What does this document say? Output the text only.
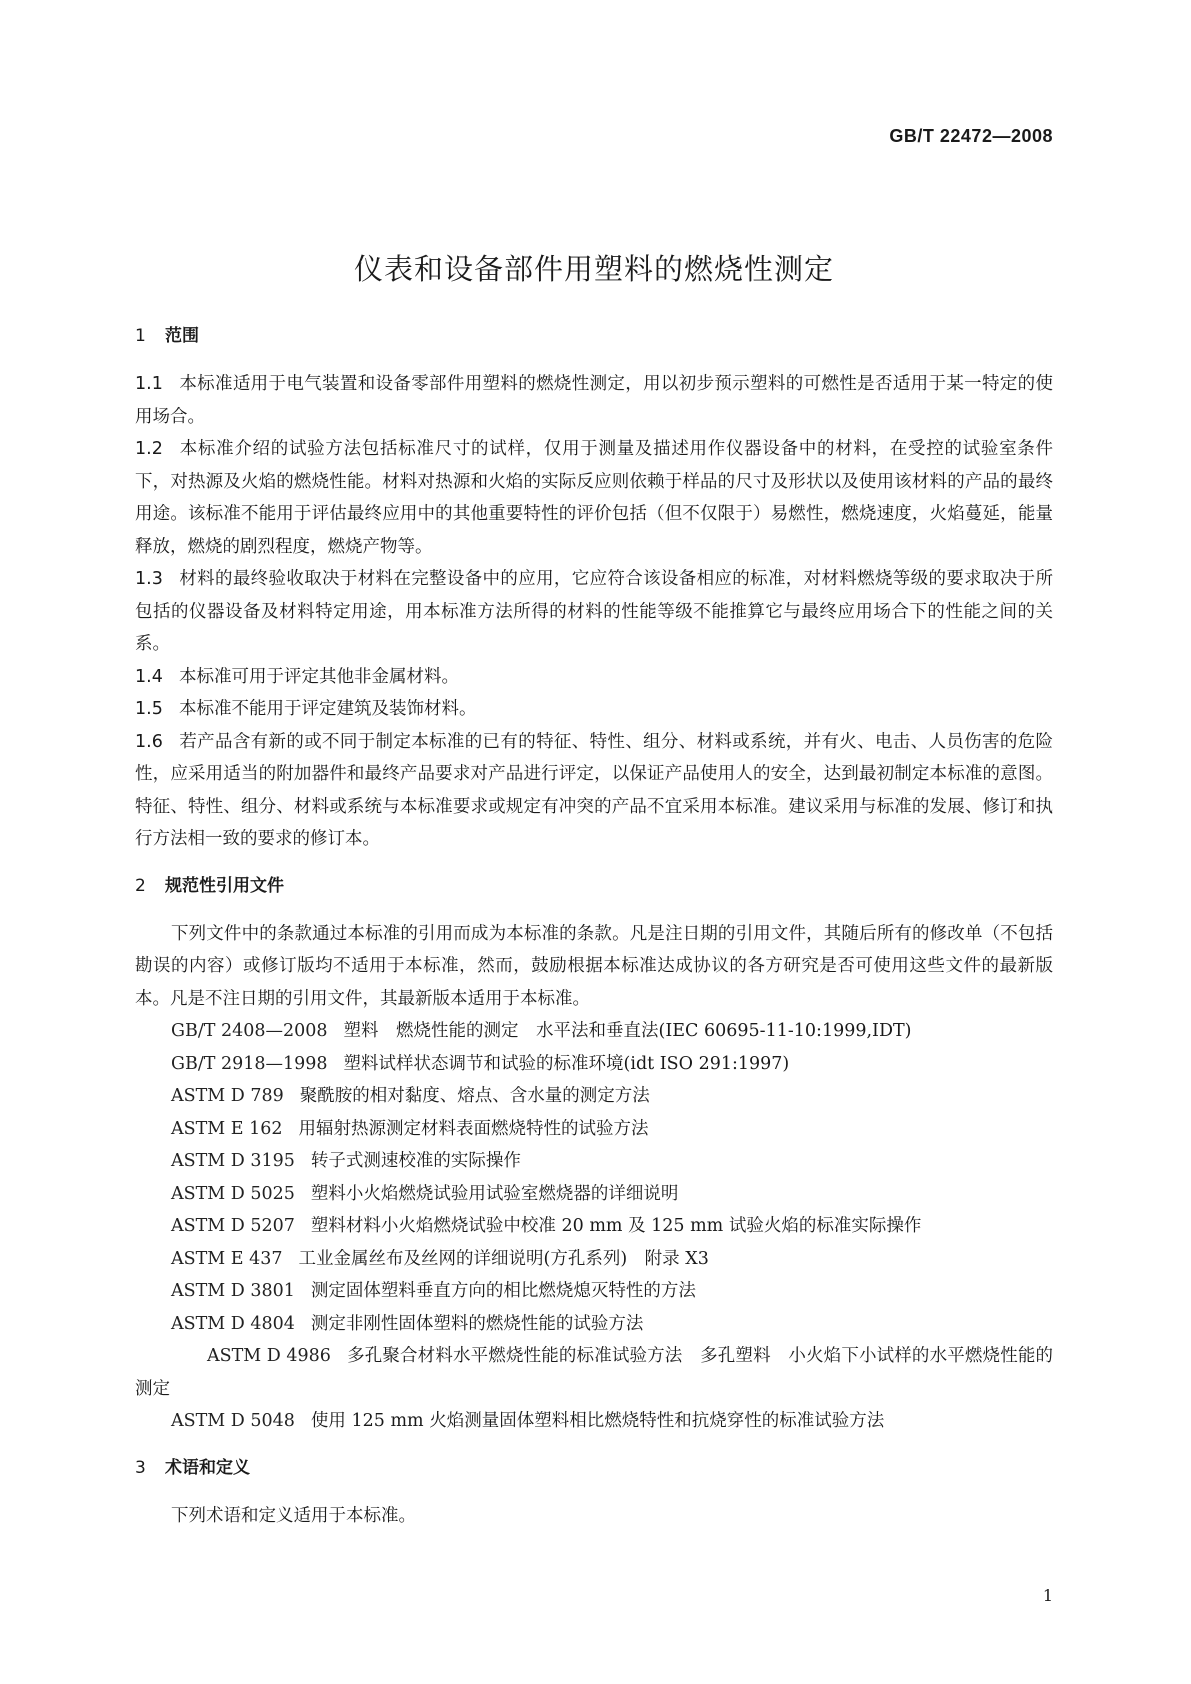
GB/T 22472—2008
仪表和设备部件用塑料的燃烧性测定
1 范围

1.1 本标准适用于电气装置和设备零部件用塑料的燃烧性测定，用以初步预示塑料的可燃性是否适用于某一特定的使用场合。

1.2 本标准介绍的试验方法包括标准尺寸的试样，仅用于测量及描述用作仪器设备中的材料，在受控的试验室条件下，对热源及火焰的燃烧性能。材料对热源和火焰的实际反应则依赖于样品的尺寸及形状以及使用该材料的产品的最终用途。该标准不能用于评估最终应用中的其他重要特性的评价包括（但不仅限于）易燃性，燃烧速度，火焰蔓延，能量释放，燃烧的剧烈程度，燃烧产物等。

1.3 材料的最终验收取决于材料在完整设备中的应用，它应符合该设备相应的标准，对材料燃烧等级的要求取决于所包括的仪器设备及材料特定用途，用本标准方法所得的材料的性能等级不能推算它与最终应用场合下的性能之间的关系。

1.4 本标准可用于评定其他非金属材料。

1.5 本标准不能用于评定建筑及装饰材料。

1.6 若产品含有新的或不同于制定本标准的已有的特征、特性、组分、材料或系统，并有火、电击、人员伤害的危险性，应采用适当的附加器件和最终产品要求对产品进行评定，以保证产品使用人的安全，达到最初制定本标准的意图。特征、特性、组分、材料或系统与本标准要求或规定有冲突的产品不宜采用本标准。建议采用与标准的发展、修订和执行方法相一致的要求的修订本。

2 规范性引用文件

下列文件中的条款通过本标准的引用而成为本标准的条款。凡是注日期的引用文件，其随后所有的修改单（不包括勘误的内容）或修订版均不适用于本标准，然而，鼓励根据本标准达成协议的各方研究是否可使用这些文件的最新版本。凡是不注日期的引用文件，其最新版本适用于本标准。

GB/T 2408—2008 塑料　燃烧性能的测定　水平法和垂直法(IEC 60695-11-10:1999,IDT)

GB/T 2918—1998 塑料试样状态调节和试验的标准环境(idt ISO 291:1997)

ASTM D 789 聚酰胺的相对黏度、熔点、含水量的测定方法

ASTM E 162 用辐射热源测定材料表面燃烧特性的试验方法

ASTM D 3195 转子式测速校准的实际操作

ASTM D 5025 塑料小火焰燃烧试验用试验室燃烧器的详细说明

ASTM D 5207 塑料材料小火焰燃烧试验中校准 20 mm 及 125 mm 试验火焰的标准实际操作

ASTM E 437 工业金属丝布及丝网的详细说明(方孔系列)　附录 X3

ASTM D 3801 测定固体塑料垂直方向的相比燃烧熄灭特性的方法

ASTM D 4804 测定非刚性固体塑料的燃烧性能的试验方法

ASTM D 4986 多孔聚合材料水平燃烧性能的标准试验方法　多孔塑料　小火焰下小试样的水平燃烧性能的测定

ASTM D 5048 使用 125 mm 火焰测量固体塑料相比燃烧特性和抗烧穿性的标准试验方法

3 术语和定义

下列术语和定义适用于本标准。

1
